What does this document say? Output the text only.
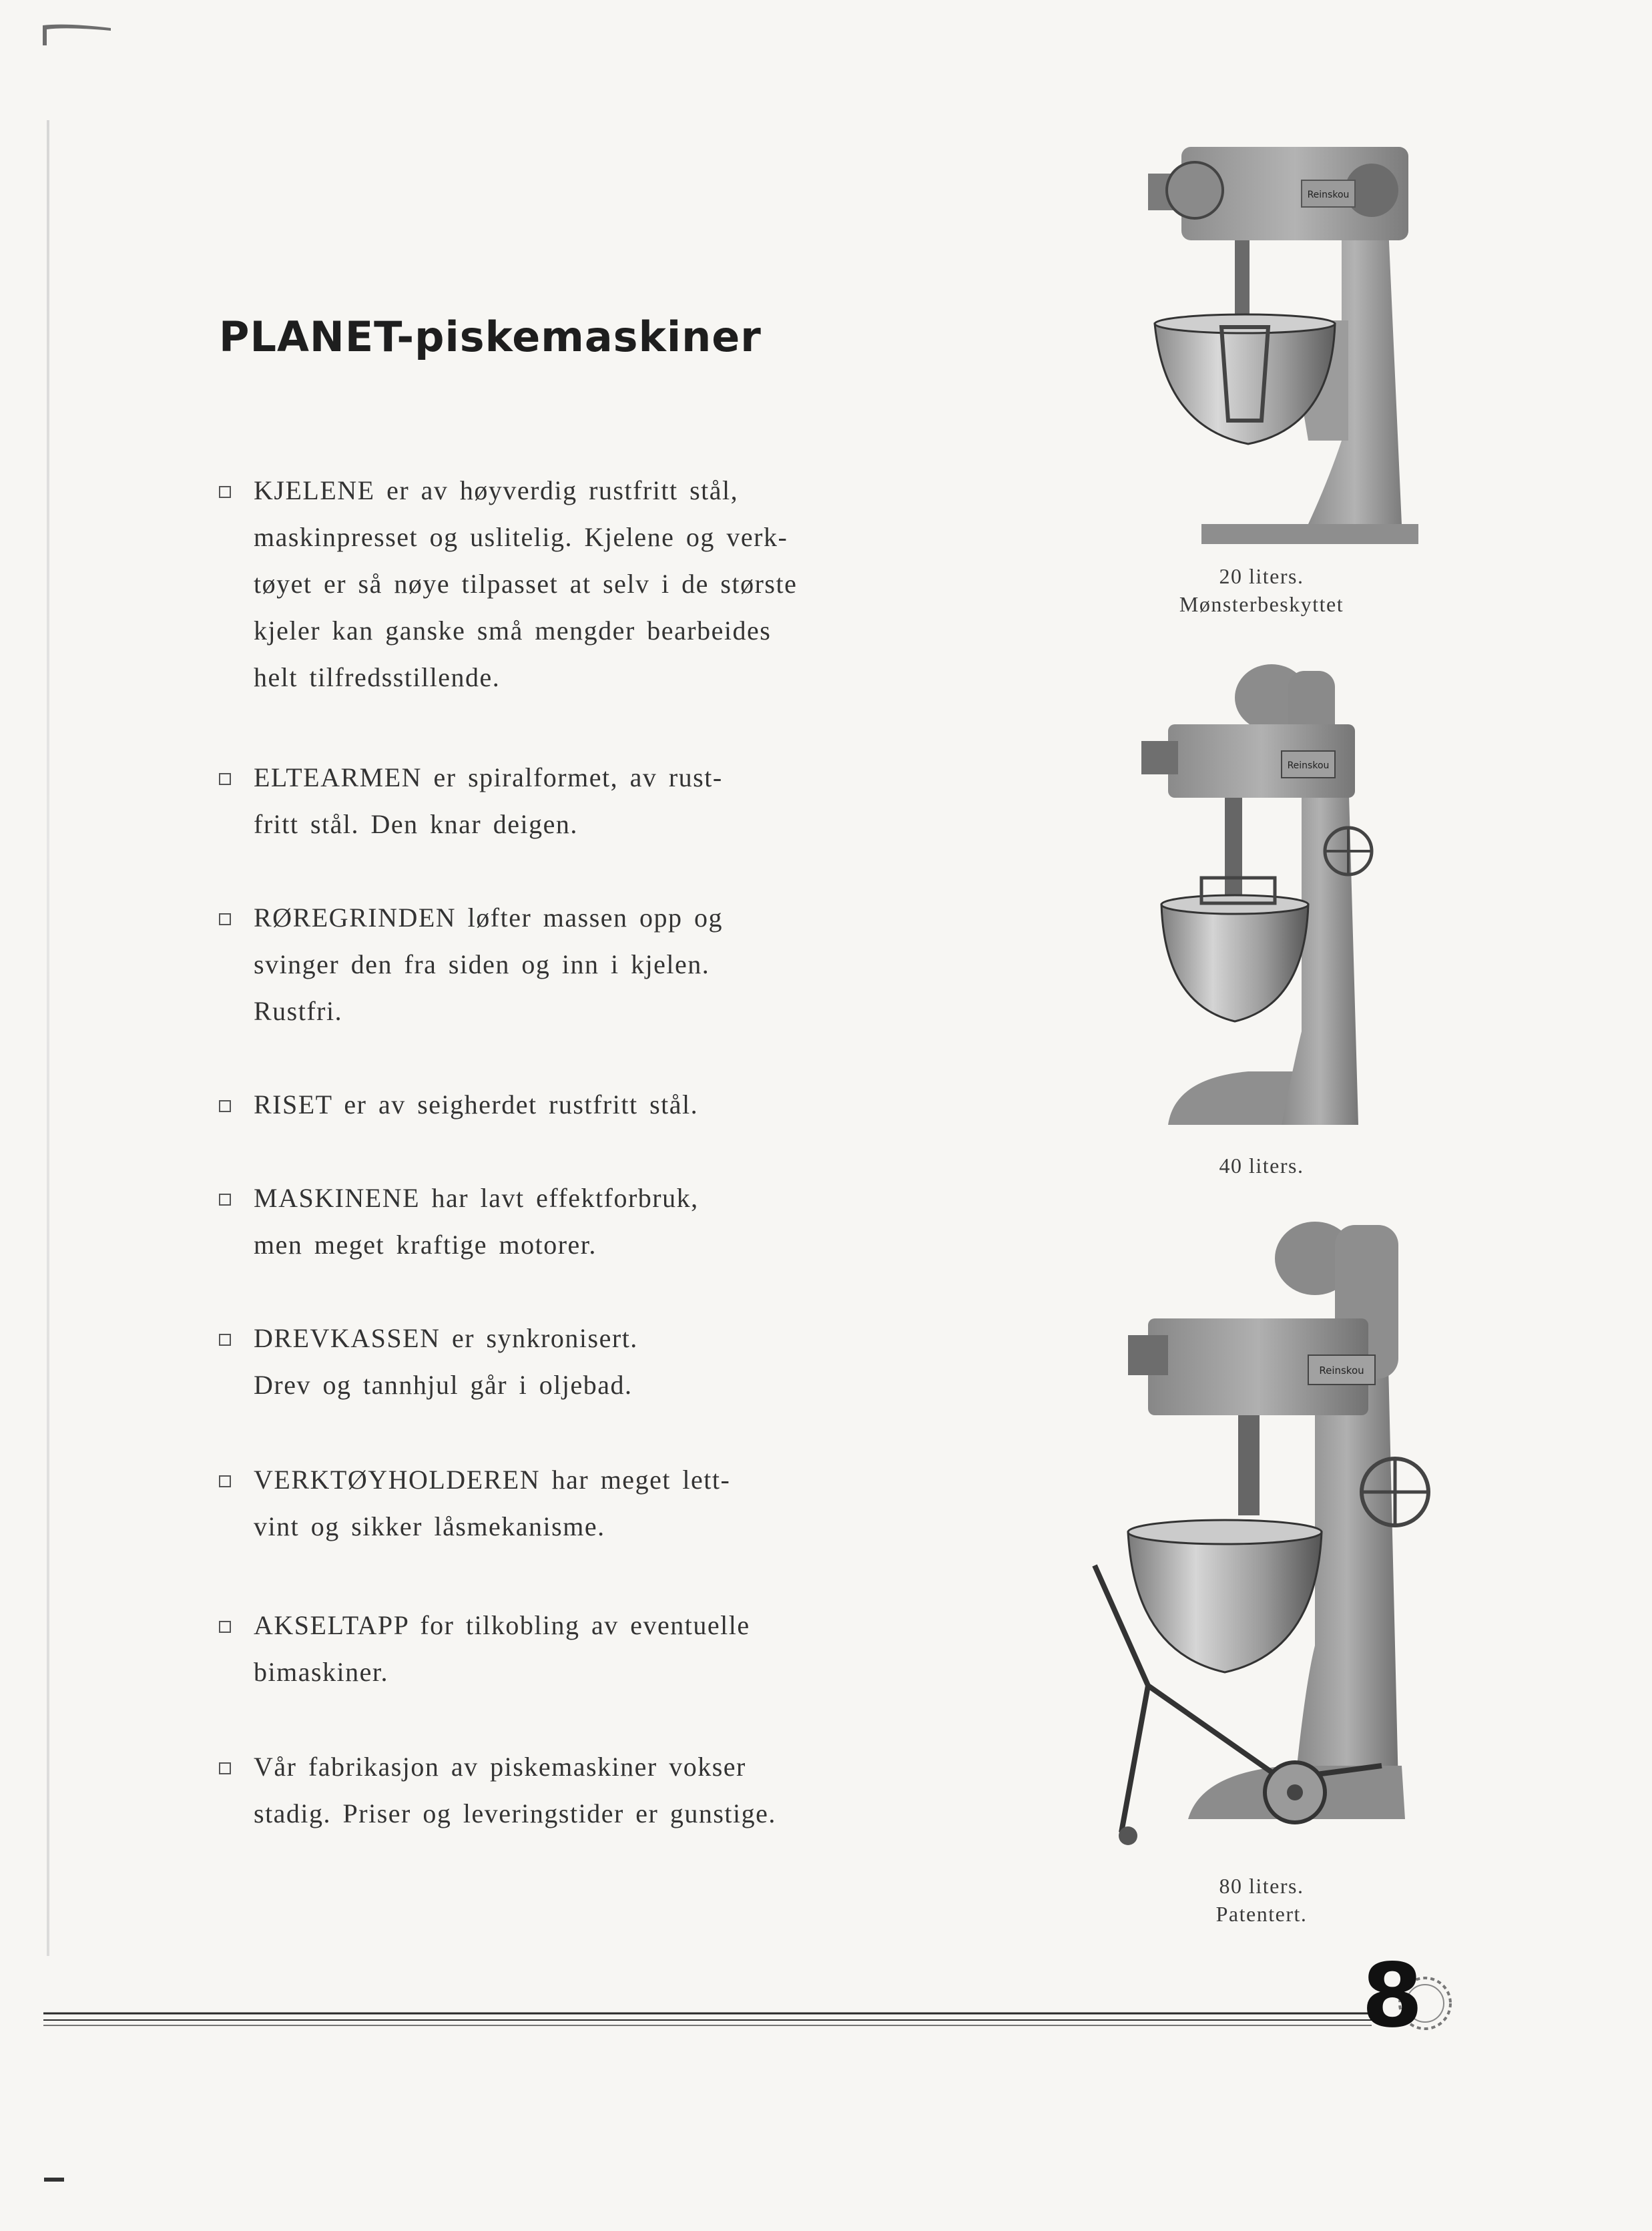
PLANET-piskemaskiner
KJELENE er av høyverdig rustfritt stål,
maskinpresset og uslitelig. Kjelene og verk-
tøyet er så nøye tilpasset at selv i de største
kjeler kan ganske små mengder bearbeides
helt tilfredsstillende.
ELTEARMEN er spiralformet, av rust-
fritt stål. Den knar deigen.
RØREGRINDEN løfter massen opp og
svinger den fra siden og inn i kjelen.
Rustfri.
RISET er av seigherdet rustfritt stål.
MASKINENE har lavt effektforbruk,
men meget kraftige motorer.
DREVKASSEN er synkronisert.
Drev og tannhjul går i oljebad.
VERKTØYHOLDEREN har meget lett-
vint og sikker låsmekanisme.
AKSELTAPP for tilkobling av eventuelle
bimaskiner.
Vår fabrikasjon av piskemaskiner vokser
stadig. Priser og leveringstider er gunstige.
Reinskou
20 liters.
Mønsterbeskyttet
Reinskou
40 liters.
Reinskou
80 liters.
Patentert.
8
